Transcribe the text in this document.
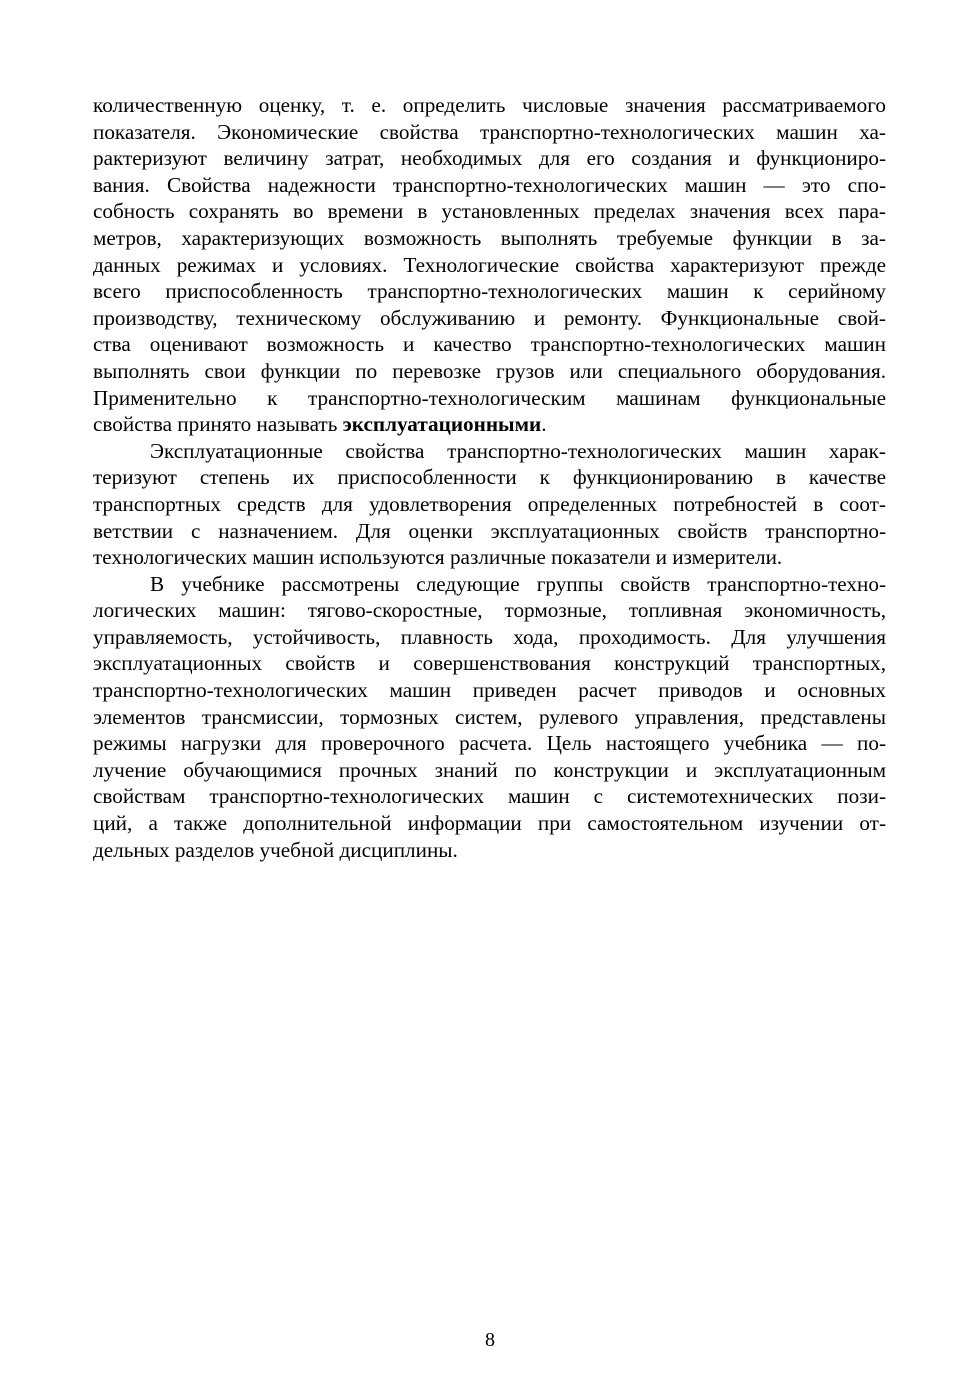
количественную оценку, т. е. определить числовые значения рассматриваемого
показателя. Экономические свойства транспортно-технологических машин ха-
рактеризуют величину затрат, необходимых для его создания и функциониро-
вания. Свойства надежности транспортно-технологических машин — это спо-
собность сохранять во времени в установленных пределах значения всех пара-
метров, характеризующих возможность выполнять требуемые функции в за-
данных режимах и условиях. Технологические свойства характеризуют прежде
всего приспособленность транспортно-технологических машин к серийному
производству, техническому обслуживанию и ремонту. Функциональные свой-
ства оценивают возможность и качество транспортно-технологических машин
выполнять свои функции по перевозке грузов или специального оборудования.
Применительно к транспортно-технологическим машинам функциональные
свойства принято называть эксплуатационными.
Эксплуатационные свойства транспортно-технологических машин харак-
теризуют степень их приспособленности к функционированию в качестве
транспортных средств для удовлетворения определенных потребностей в соот-
ветствии с назначением. Для оценки эксплуатационных свойств транспортно-
технологических машин используются различные показатели и измерители.
В учебнике рассмотрены следующие группы свойств транспортно-техно-
логических машин: тягово-скоростные, тормозные, топливная экономичность,
управляемость, устойчивость, плавность хода, проходимость. Для улучшения
эксплуатационных свойств и совершенствования конструкций транспортных,
транспортно-технологических машин приведен расчет приводов и основных
элементов трансмиссии, тормозных систем, рулевого управления, представлены
режимы нагрузки для проверочного расчета. Цель настоящего учебника — по-
лучение обучающимися прочных знаний по конструкции и эксплуатационным
свойствам транспортно-технологических машин с системотехнических пози-
ций, а также дополнительной информации при самостоятельном изучении от-
дельных разделов учебной дисциплины.
8
